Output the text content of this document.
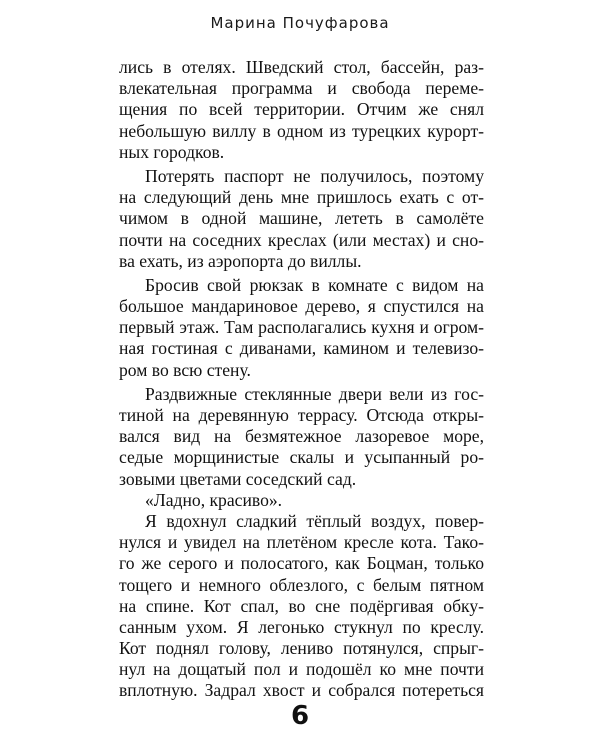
Марина Почуфарова
лись в отелях. Шведский стол, бассейн, раз-
влекательная программа и свобода переме-
щения по всей территории. Отчим же снял
небольшую виллу в одном из турецких курорт-
ных городков.
Потерять паспорт не получилось, поэтому
на следующий день мне пришлось ехать с от-
чимом в одной машине, лететь в самолёте
почти на соседних креслах (или местах) и сно-
ва ехать, из аэропорта до виллы.
Бросив свой рюкзак в комнате с видом на
большое мандариновое дерево, я спустился на
первый этаж. Там располагались кухня и огром-
ная гостиная с диванами, камином и телевизо-
ром во всю стену.
Раздвижные стеклянные двери вели из гос-
тиной на деревянную террасу. Отсюда откры-
вался вид на безмятежное лазоревое море,
седые морщинистые скалы и усыпанный ро-
зовыми цветами соседский сад.
«Ладно, красиво».
Я вдохнул сладкий тёплый воздух, повер-
нулся и увидел на плетёном кресле кота. Тако-
го же серого и полосатого, как Боцман, только
тощего и немного облезлого, с белым пятном
на спине. Кот спал, во сне подёргивая обку-
санным ухом. Я легонько стукнул по креслу.
Кот поднял голову, лениво потянулся, спрыг-
нул на дощатый пол и подошёл ко мне почти
вплотную. Задрал хвост и собрался потереться
6
